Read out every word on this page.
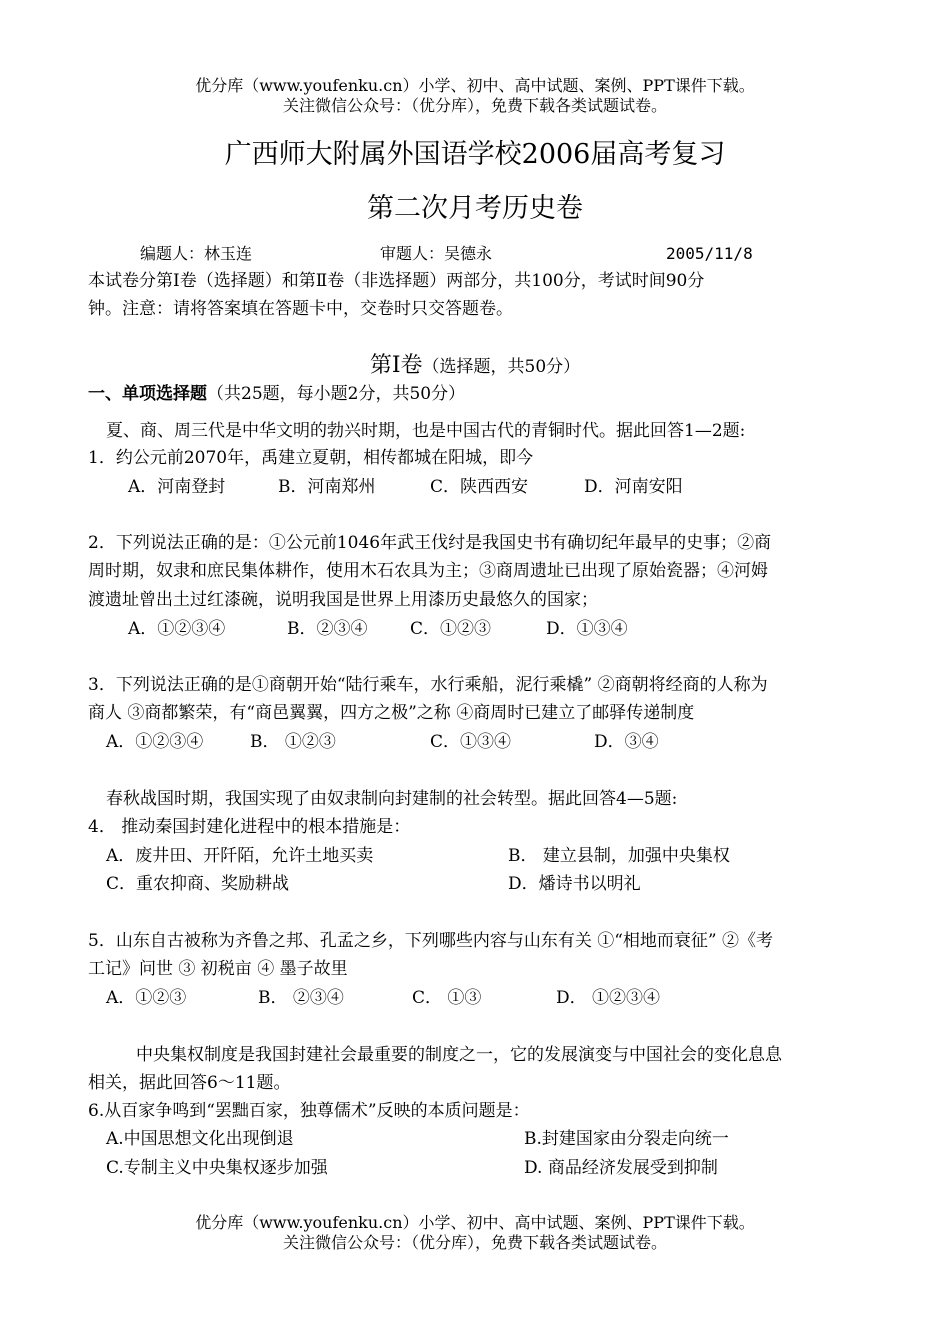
优分库（www.youfenku.cn）小学、初中、高中试题、案例、PPT课件下载。
关注微信公众号：（优分库），免费下载各类试题试卷。
广西师大附属外国语学校2006届高考复习
第二次月考历史卷
编题人：林玉连	审题人：吴德永	2005/11/8
本试卷分第Ⅰ卷（选择题）和第Ⅱ卷（非选择题）两部分，共100分，考试时间90分
钟。注意：请将答案填在答题卡中，交卷时只交答题卷。
第Ⅰ卷（选择题，共50分）
一、单项选择题（共25题，每小题2分，共50分）
夏、商、周三代是中华文明的勃兴时期，也是中国古代的青铜时代。据此回答1—2题:
1．约公元前2070年，禹建立夏朝，相传都城在阳城，即今
A．河南登封	B．河南郑州	C．陕西西安	D．河南安阳
2．下列说法正确的是：①公元前1046年武王伐纣是我国史书有确切纪年最早的史事；②商
周时期，奴隶和庶民集体耕作，使用木石农具为主；③商周遗址已出现了原始瓷器；④河姆
渡遗址曾出土过红漆碗，说明我国是世界上用漆历史最悠久的国家；
A．①②③④	B．②③④	C．①②③	D．①③④
3．下列说法正确的是①商朝开始“陆行乘车，水行乘船，泥行乘橇” ②商朝将经商的人称为
商人 ③商都繁荣，有“商邑翼翼，四方之极”之称 ④商周时已建立了邮驿传递制度
A．①②③④	B． ①②③	C．①③④	D．③④
春秋战国时期，我国实现了由奴隶制向封建制的社会转型。据此回答4—5题:
4． 推动秦国封建化进程中的根本措施是：
A．废井田、开阡陌，允许土地买卖	B． 建立县制，加强中央集权
C．重农抑商、奖励耕战	D．燔诗书以明礼
5．山东自古被称为齐鲁之邦、孔孟之乡，下列哪些内容与山东有关 ①“相地而衰征” ②《考
工记》问世 ③ 初税亩 ④ 墨子故里
A．①②③	B． ②③④	C． ①③	D． ①②③④
中央集权制度是我国封建社会最重要的制度之一，它的发展演变与中国社会的变化息息
相关，据此回答6～11题。
6.从百家争鸣到“罢黜百家，独尊儒术”反映的本质问题是：
A.中国思想文化出现倒退	B.封建国家由分裂走向统一
C.专制主义中央集权逐步加强	D. 商品经济发展受到抑制
优分库（www.youfenku.cn）小学、初中、高中试题、案例、PPT课件下载。
关注微信公众号：（优分库），免费下载各类试题试卷。
